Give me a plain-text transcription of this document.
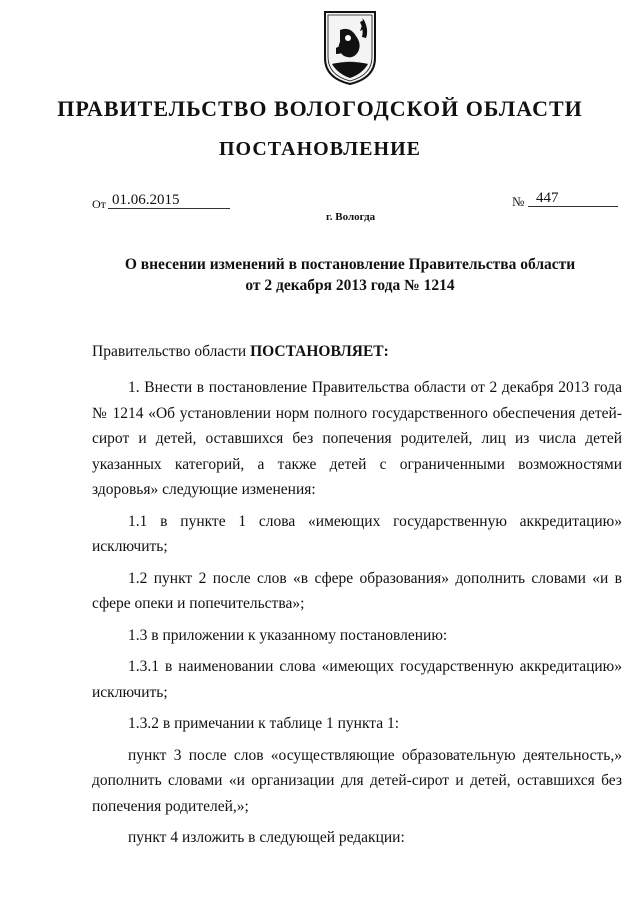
ПРАВИТЕЛЬСТВО ВОЛОГОДСКОЙ ОБЛАСТИ
ПОСТАНОВЛЕНИЕ
От 01.06.2015	№ 447
г. Вологда
О внесении изменений в постановление Правительства области
от 2 декабря 2013 года № 1214
Правительство области ПОСТАНОВЛЯЕТ:

1. Внести в постановление Правительства области от 2 декабря 2013 года № 1214 «Об установлении норм полного государственного обеспечения детей-сирот и детей, оставшихся без попечения родителей, лиц из числа детей указанных категорий, а также детей с ограниченными возможностями здоровья» следующие изменения:

1.1 в пункте 1 слова «имеющих государственную аккредитацию» исключить;

1.2 пункт 2 после слов «в сфере образования» дополнить словами «и в сфере опеки и попечительства»;

1.3 в приложении к указанному постановлению:

1.3.1 в наименовании слова «имеющих государственную аккредитацию» исключить;

1.3.2 в примечании к таблице 1 пункта 1:

пункт 3 после слов «осуществляющие образовательную деятельность,» дополнить словами «и организации для детей-сирот и детей, оставшихся без попечения родителей,»;

пункт 4 изложить в следующей редакции:
